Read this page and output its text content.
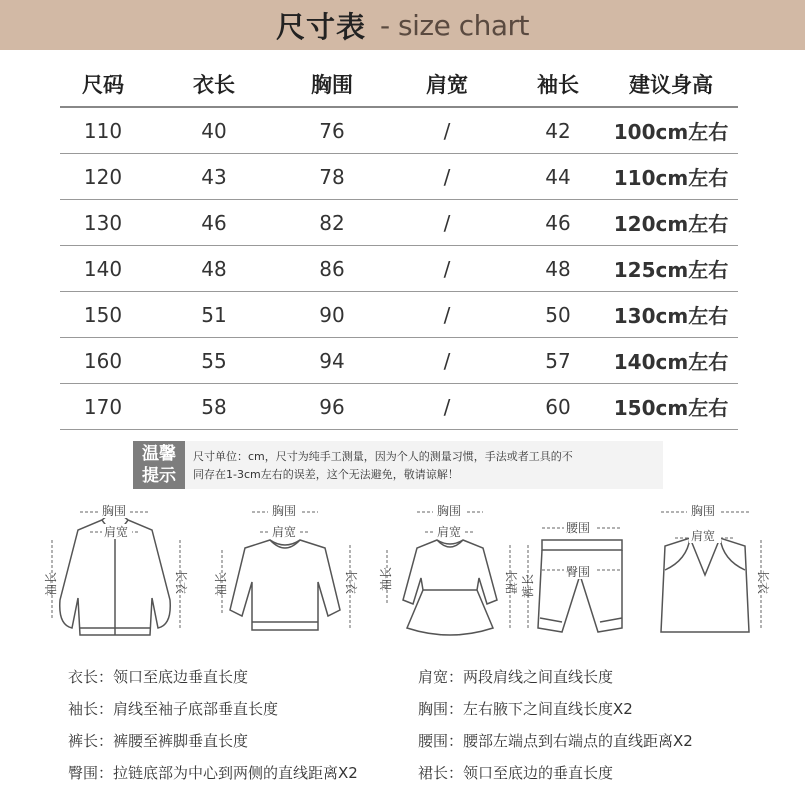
尺寸表 - size chart
尺码	衣长	胸围	肩宽	袖长	建议身高
110	40	76	/	42	100cm左右
120	43	78	/	44	110cm左右
130	46	82	/	46	120cm左右
140	48	86	/	48	125cm左右
150	51	90	/	50	130cm左右
160	55	94	/	57	140cm左右
170	58	96	/	60	150cm左右
温馨
提示
尺寸单位：cm，尺寸为纯手工测量，因为个人的测量习惯，手法或者工具的不
同存在1-3cm左右的误差，这个无法避免，敬请谅解！
胸围
肩宽
袖长	长衣
胸围
肩宽
袖长	长衣
胸围
肩宽
袖长	长裙
腰围
臀围
裤长
胸围
肩宽
长衣
衣长：领口至底边垂直长度	肩宽：两段肩线之间直线长度
袖长：肩线至袖子底部垂直长度	胸围：左右腋下之间直线长度X2
裤长：裤腰至裤脚垂直长度	腰围：腰部左端点到右端点的直线距离X2
臀围：拉链底部为中心到两侧的直线距离X2	裙长：领口至底边的垂直长度
